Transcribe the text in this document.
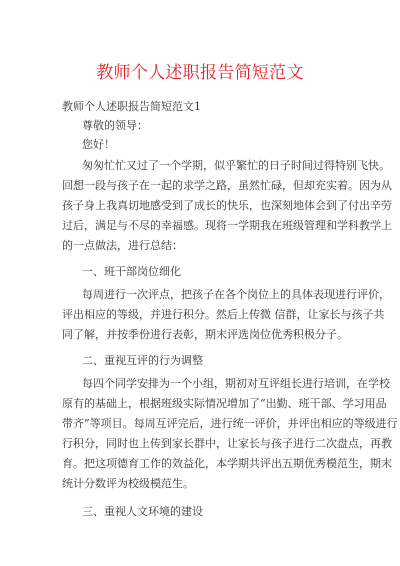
教师个人述职报告简短范文
教师个人述职报告简短范文1
尊敬的领导：
您好！
匆匆忙忙又过了一个学期，似乎繁忙的日子时间过得特别飞快。
回想一段与孩子在一起的求学之路，虽然忙碌，但却充实着。因为从
孩子身上我真切地感受到了成长的快乐，也深刻地体会到了付出辛劳
过后，满足与不尽的幸福感。现将一学期我在班级管理和学科教学上
的一点做法，进行总结：
一、班干部岗位细化
每周进行一次评点，把孩子在各个岗位上的具体表现进行评价，
评出相应的等级，并进行积分。然后上传微 信群，让家长与孩子共
同了解，并按季份进行表彰，期末评选岗位优秀积极分子。
二、重视互评的行为调整
每四个同学安排为一个小组，期初对互评组长进行培训，在学校
原有的基础上，根据班级实际情况增加了“出勤、班干部、学习用品
带齐”等项目。每周互评完后，进行统一评价，并评出相应的等级进行
行积分，同时也上传到家长群中，让家长与孩子进行二次盘点，再教
育。把这项德育工作的效益化，本学期共评出五期优秀模范生，期末
统计分数评为校级模范生。
三、重视人文环境的建设
